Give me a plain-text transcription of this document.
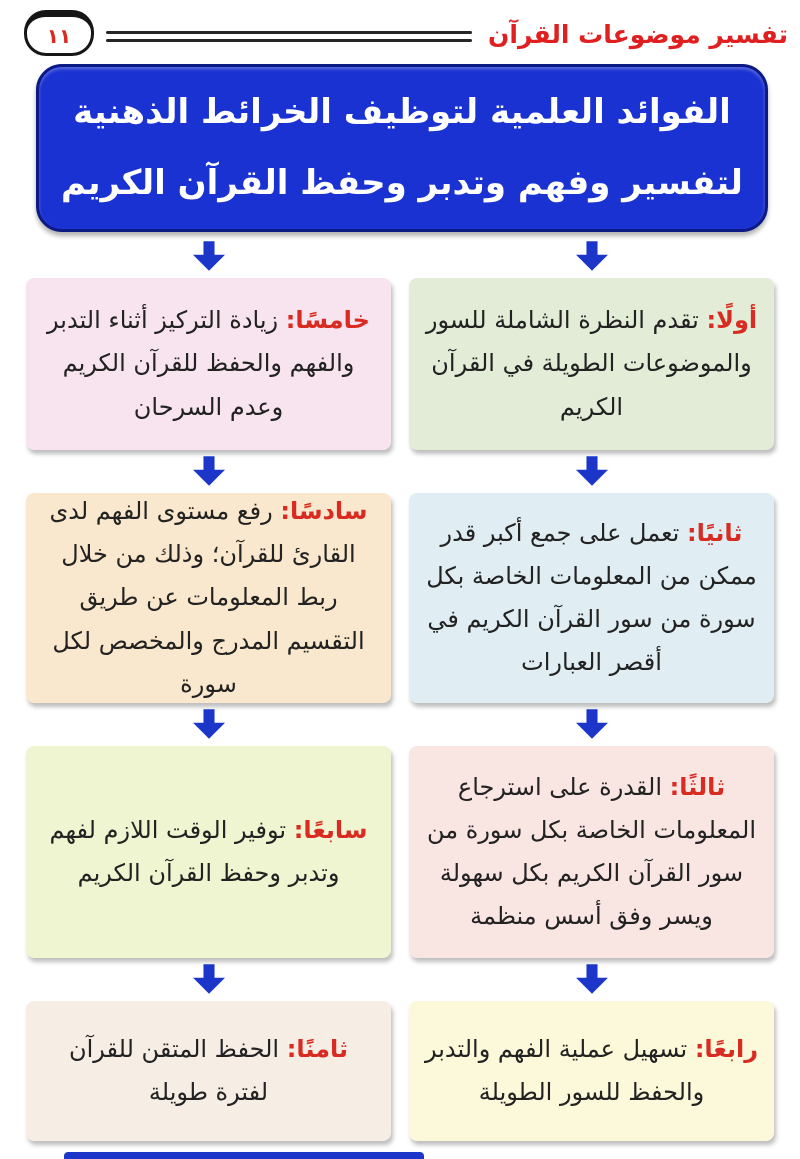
١١	تفسير موضوعات القرآن
الفوائد العلمية لتوظيف الخرائط الذهنية
لتفسير وفهم وتدبر وحفظ القرآن الكريم

أولًا: تقدم النظرة الشاملة للسور والموضوعات الطويلة في القرآن الكريم

ثانيًا: تعمل على جمع أكبر قدر ممكن من المعلومات الخاصة بكل سورة من سور القرآن الكريم في أقصر العبارات

ثالثًا: القدرة على استرجاع المعلومات الخاصة بكل سورة من سور القرآن الكريم بكل سهولة ويسر وفق أسس منظمة

رابعًا: تسهيل عملية الفهم والتدبر والحفظ للسور الطويلة

خامسًا: زيادة التركيز أثناء التدبر والفهم والحفظ للقرآن الكريم وعدم السرحان

سادسًا: رفع مستوى الفهم لدى القارئ للقرآن؛ وذلك من خلال ربط المعلومات عن طريق التقسيم المدرج والمخصص لكل سورة

سابعًا: توفير الوقت اللازم لفهم وتدبر وحفظ القرآن الكريم

ثامنًا: الحفظ المتقن للقرآن لفترة طويلة
